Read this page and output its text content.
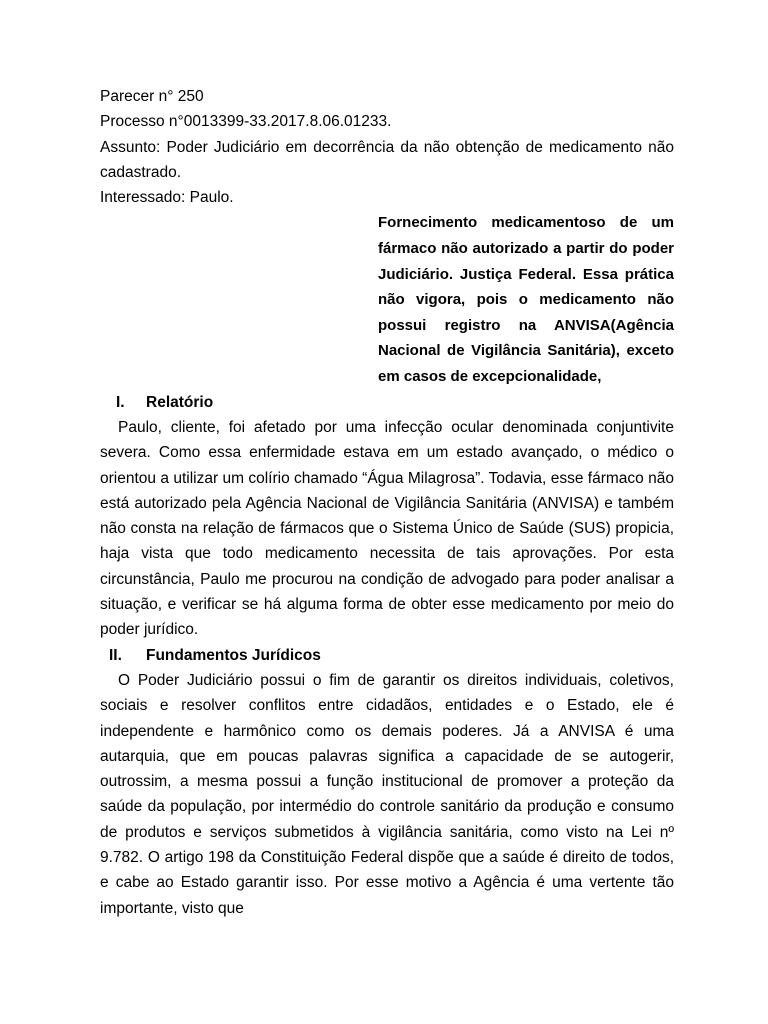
Parecer n° 250

Processo n°0013399-33.2017.8.06.01233.

Assunto: Poder Judiciário em decorrência da não obtenção de medicamento não cadastrado.

Interessado: Paulo.

Fornecimento medicamentoso de um fármaco não autorizado a partir do poder Judiciário. Justiça Federal. Essa prática não vigora, pois o medicamento não possui registro na ANVISA(Agência Nacional de Vigilância Sanitária), exceto em casos de excepcionalidade,

I.	Relatório

Paulo, cliente, foi afetado por uma infecção ocular denominada conjuntivite severa. Como essa enfermidade estava em um estado avançado, o médico o orientou a utilizar um colírio chamado “Água Milagrosa”. Todavia, esse fármaco não está autorizado pela Agência Nacional de Vigilância Sanitária (ANVISA) e também não consta na relação de fármacos que o Sistema Único de Saúde (SUS) propicia, haja vista que todo medicamento necessita de tais aprovações. Por esta circunstância, Paulo me procurou na condição de advogado para poder analisar a situação, e verificar se há alguma forma de obter esse medicamento por meio do poder jurídico.

II.	Fundamentos Jurídicos

O Poder Judiciário possui o fim de garantir os direitos individuais, coletivos, sociais e resolver conflitos entre cidadãos, entidades e o Estado, ele é independente e harmônico como os demais poderes. Já a ANVISA é uma autarquia, que em poucas palavras significa a capacidade de se autogerir, outrossim, a mesma possui a função institucional de promover a proteção da saúde da população, por intermédio do controle sanitário da produção e consumo de produtos e serviços submetidos à vigilância sanitária, como visto na Lei nº 9.782. O artigo 198 da Constituição Federal dispõe que a saúde é direito de todos, e cabe ao Estado garantir isso. Por esse motivo a Agência é uma vertente tão importante, visto que
